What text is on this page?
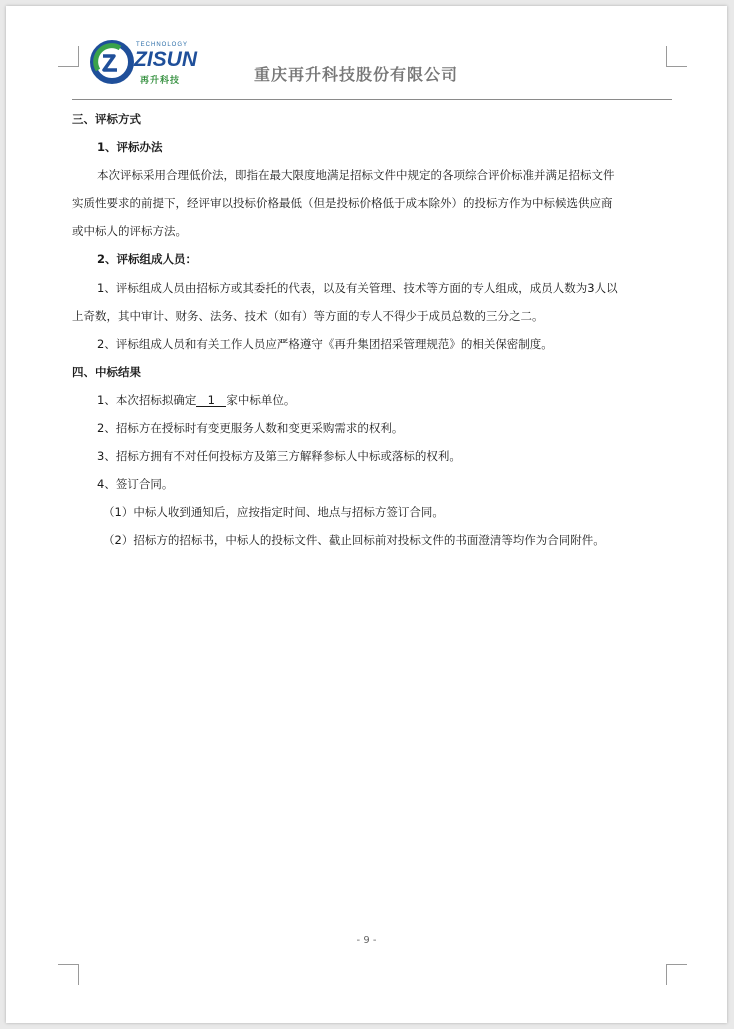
TECHNOLOGY
ZISUN
再升科技	重庆再升科技股份有限公司
三、评标方式
1、评标办法
本次评标采用合理低价法，即指在最大限度地满足招标文件中规定的各项综合评价标准并满足招标文件
实质性要求的前提下，经评审以投标价格最低（但是投标价格低于成本除外）的投标方作为中标候选供应商
或中标人的评标方法。
2、评标组成人员：
1、评标组成人员由招标方或其委托的代表，以及有关管理、技术等方面的专人组成，成员人数为3人以
上奇数，其中审计、财务、法务、技术（如有）等方面的专人不得少于成员总数的三分之二。
2、评标组成人员和有关工作人员应严格遵守《再升集团招采管理规范》的相关保密制度。
四、中标结果
1、本次招标拟确定 1 家中标单位。
2、招标方在授标时有变更服务人数和变更采购需求的权利。
3、招标方拥有不对任何投标方及第三方解释参标人中标或落标的权利。
4、签订合同。
（1）中标人收到通知后，应按指定时间、地点与招标方签订合同。
（2）招标方的招标书，中标人的投标文件、截止回标前对投标文件的书面澄清等均作为合同附件。
- 9 -
